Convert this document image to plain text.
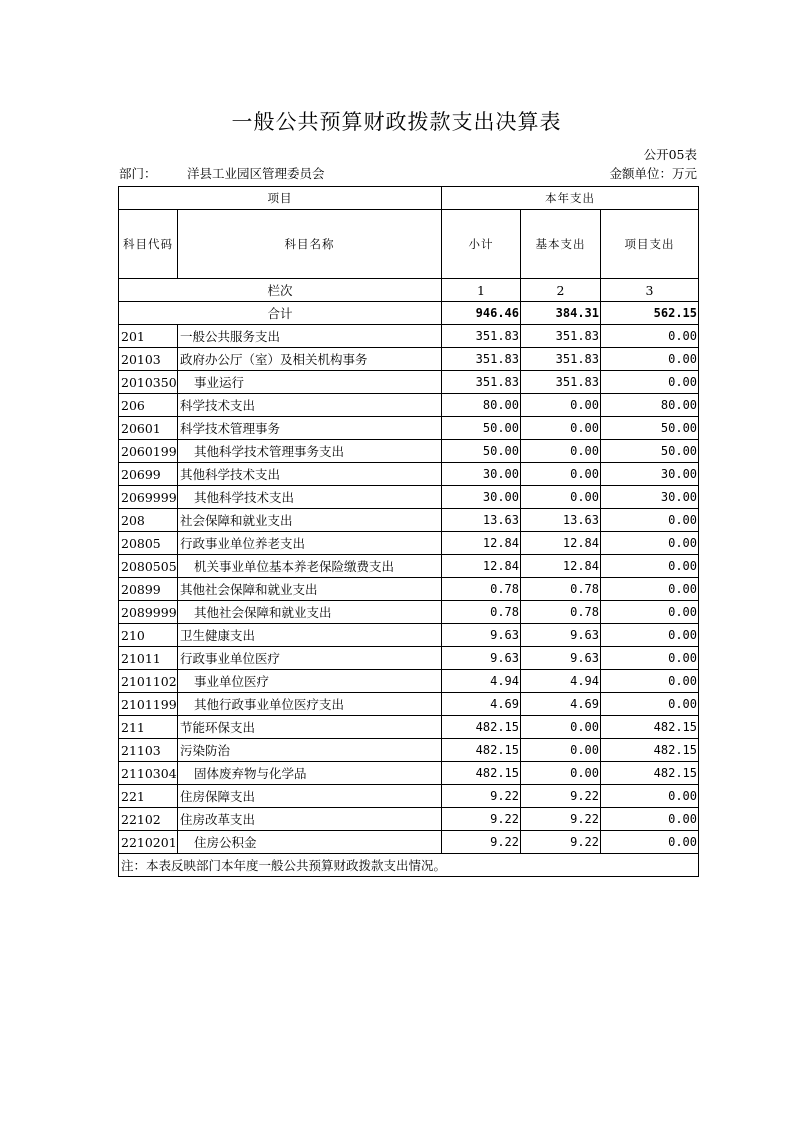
一般公共预算财政拨款支出决算表
公开05表
部门： 洋县工业园区管理委员会	金额单位：万元
项目		本年支出		
科目代码	科目名称	小计	基本支出	项目支出
栏次		1	2	3
合计		946.46	384.31	562.15
201	一般公共服务支出	351.83	351.83	0.00
20103	政府办公厅（室）及相关机构事务	351.83	351.83	0.00
2010350	事业运行	351.83	351.83	0.00
206	科学技术支出	80.00	0.00	80.00
20601	科学技术管理事务	50.00	0.00	50.00
2060199	其他科学技术管理事务支出	50.00	0.00	50.00
20699	其他科学技术支出	30.00	0.00	30.00
2069999	其他科学技术支出	30.00	0.00	30.00
208	社会保障和就业支出	13.63	13.63	0.00
20805	行政事业单位养老支出	12.84	12.84	0.00
2080505	机关事业单位基本养老保险缴费支出	12.84	12.84	0.00
20899	其他社会保障和就业支出	0.78	0.78	0.00
2089999	其他社会保障和就业支出	0.78	0.78	0.00
210	卫生健康支出	9.63	9.63	0.00
21011	行政事业单位医疗	9.63	9.63	0.00
2101102	事业单位医疗	4.94	4.94	0.00
2101199	其他行政事业单位医疗支出	4.69	4.69	0.00
211	节能环保支出	482.15	0.00	482.15
21103	污染防治	482.15	0.00	482.15
2110304	固体废弃物与化学品	482.15	0.00	482.15
221	住房保障支出	9.22	9.22	0.00
22102	住房改革支出	9.22	9.22	0.00
2210201	住房公积金	9.22	9.22	0.00
注：本表反映部门本年度一般公共预算财政拨款支出情况。				
